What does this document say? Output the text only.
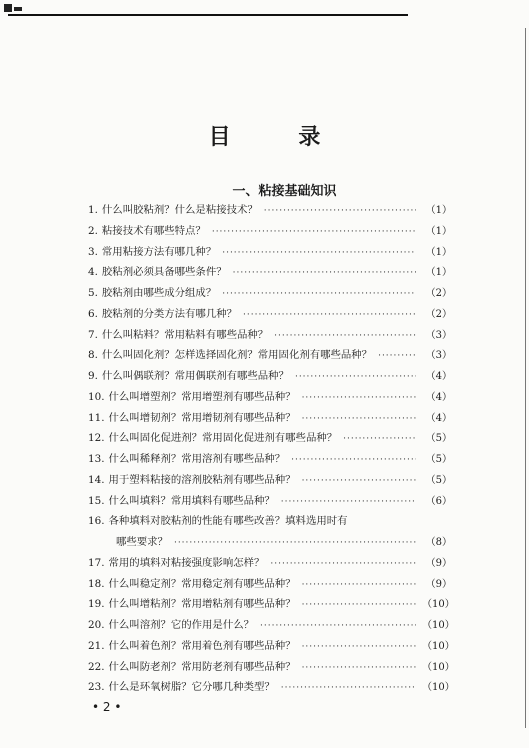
目 录
一、粘接基础知识
1. 什么叫胶粘剂？什么是粘接技术？ ·····	（1）
2. 粘接技术有哪些特点？ ·····	（1）
3. 常用粘接方法有哪几种？ ·····	（1）
4. 胶粘剂必须具备哪些条件？ ·····	（1）
5. 胶粘剂由哪些成分组成？ ·····	（2）
6. 胶粘剂的分类方法有哪几种？ ·····	（2）
7. 什么叫粘料？常用粘料有哪些品种？ ·····	（3）
8. 什么叫固化剂？怎样选择固化剂？常用固化剂有哪些品种？ ·····	（3）
9. 什么叫偶联剂？常用偶联剂有哪些品种？ ·····	（4）
10. 什么叫增塑剂？常用增塑剂有哪些品种？ ·····	（4）
11. 什么叫增韧剂？常用增韧剂有哪些品种？ ·····	（4）
12. 什么叫固化促进剂？常用固化促进剂有哪些品种？ ·····	（5）
13. 什么叫稀释剂？常用溶剂有哪些品种？ ·····	（5）
14. 用于塑料粘接的溶剂胶粘剂有哪些品种？ ·····	（5）
15. 什么叫填料？常用填料有哪些品种？ ·····	（6）
16. 各种填料对胶粘剂的性能有哪些改善？填料选用时有
哪些要求？ ·····	（8）
17. 常用的填料对粘接强度影响怎样？ ·····	（9）
18. 什么叫稳定剂？常用稳定剂有哪些品种？ ·····	（9）
19. 什么叫增粘剂？常用增粘剂有哪些品种？ ·····	（10）
20. 什么叫溶剂？它的作用是什么？ ·····	（10）
21. 什么叫着色剂？常用着色剂有哪些品种？ ·····	（10）
22. 什么叫防老剂？常用防老剂有哪些品种？ ·····	（10）
23. 什么是环氧树脂？它分哪几种类型？ ·····	（10）
• 2 •
